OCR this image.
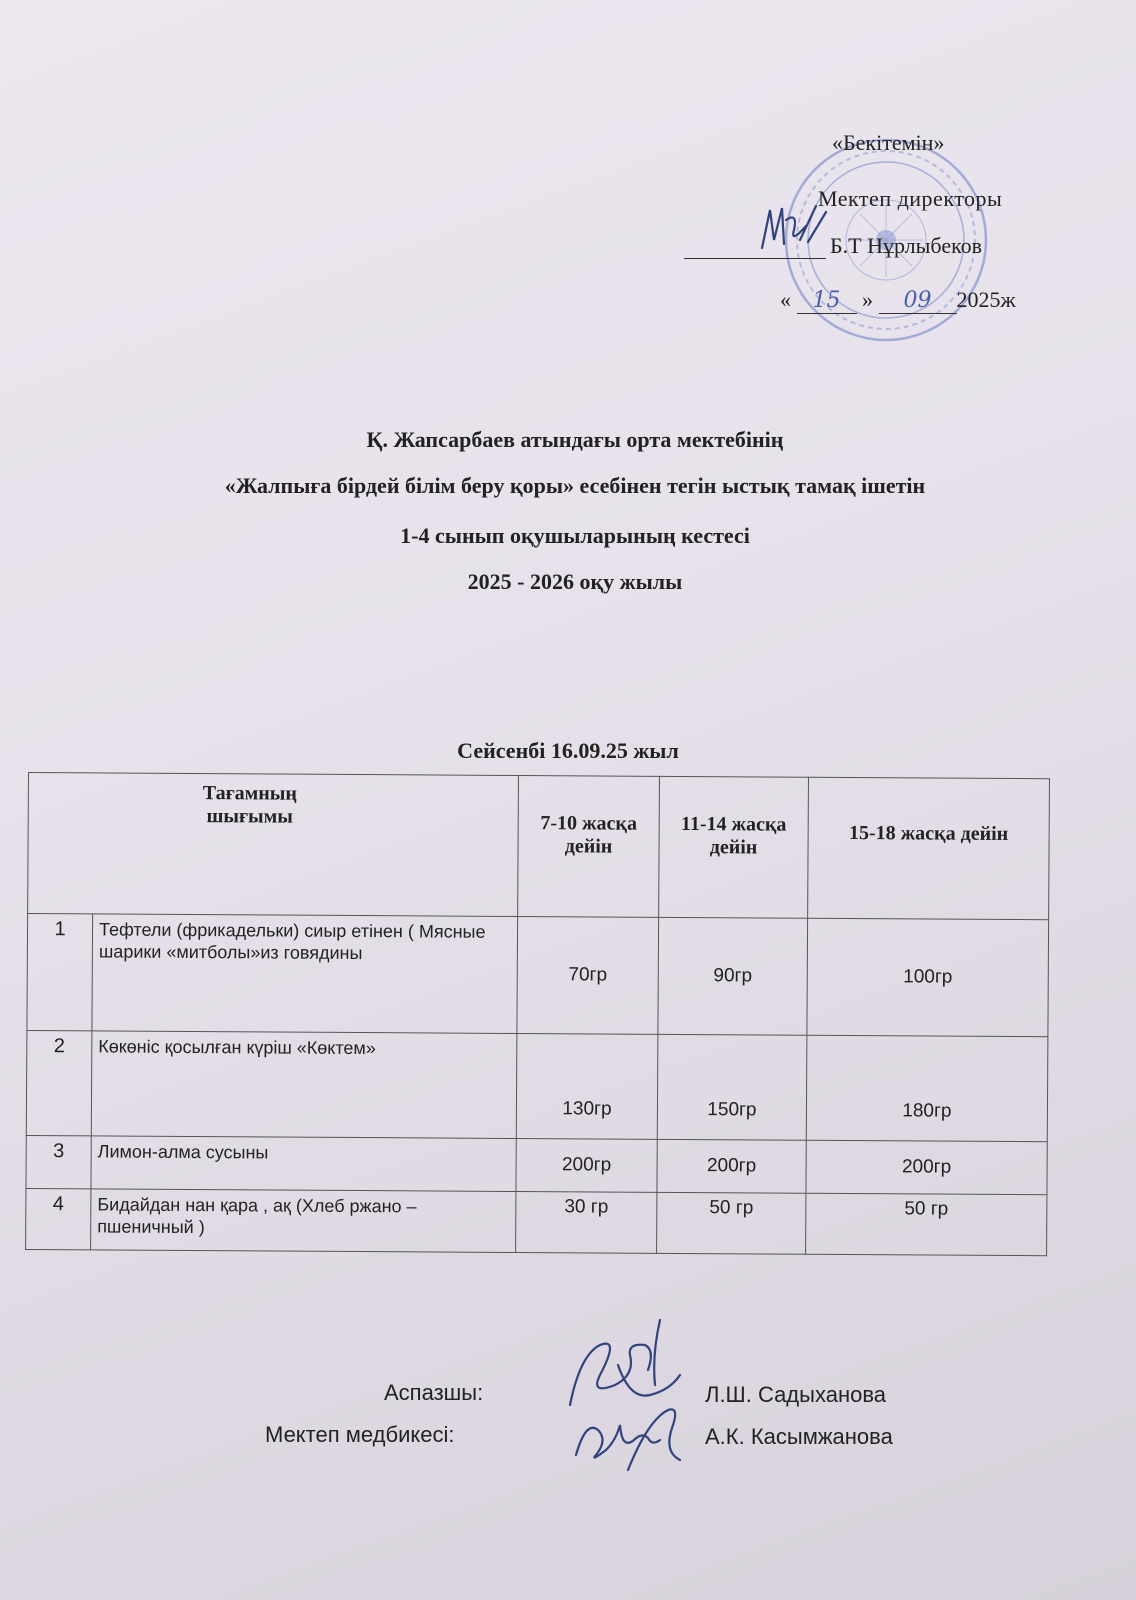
«Бекітемін»
Мектеп директоры
Б.Т Нұрлыбеков
« 15 » 09 2025ж
Қ. Жапсарбаев атындағы орта мектебінің
«Жалпыға бірдей білім беру қоры» есебінен тегін ыстық тамақ ішетін
1-4 сынып оқушыларының кестесі
2025 - 2026 оқу жылы
Сейсенбі 16.09.25 жыл
Тағамның шығымы		7-10 жасқа дейін	11-14 жасқа дейін	15-18 жасқа дейін
1	Тефтели (фрикадельки) сиыр етінен ( Мясные шарики «митболы»из говядины	70гр	90гр	100гр
2	Көкөніс қосылған күріш «Көктем»	130гр	150гр	180гр
3	Лимон-алма сусыны	200гр	200гр	200гр
4	Бидайдан нан қара , ақ (Хлеб ржано – пшеничный )	30 гр	50 гр	50 гр
Аспазшы:	Л.Ш. Садыханова
Мектеп медбикесі:	А.К. Касымжанова
